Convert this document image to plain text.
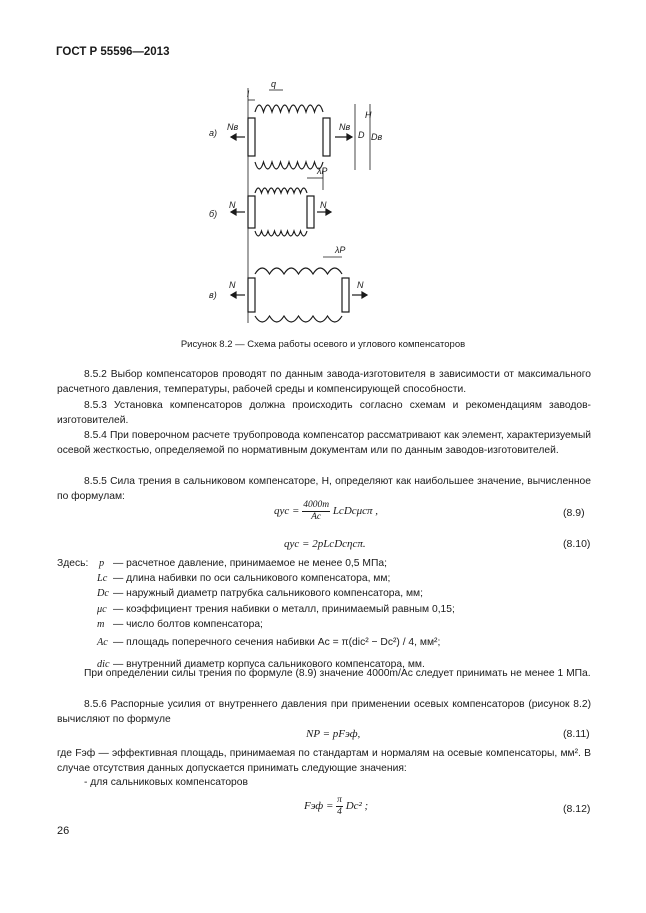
ГОСТ Р 55596—2013
а)
б)
в)
Nв	Nв
N	N
N	N
q
l
H
D Dв
λP
λP
Рисунок 8.2 — Схема работы осевого и углового компенсаторов
8.5.2 Выбор компенсаторов проводят по данным завода-изготовителя в зависимости от максимального расчетного давления, температуры, рабочей среды и компенсирующей способности.
8.5.3 Установка компенсаторов должна происходить согласно схемам и рекомендациям заводов-изготовителей.
8.5.4 При поверочном расчете трубопровода компенсатор рассматривают как элемент, характеризуемый осевой жесткостью, определяемой по нормативным документам или по данным заводов-изготовителей.
8.5.5 Сила трения в сальниковом компенсаторе, Н, определяют как наибольшее значение, вычисленное по формулам:
qус = $\frac{4000m}{Ac}$ LcDcμcπ ,	(8.9)
qус = 2pLcDcηcπ.	(8.10)
Здесь: p — расчетное давление, принимаемое не менее 0,5 МПа;
Lc — длина набивки по оси сальникового компенсатора, мм;
Dc — наружный диаметр патрубка сальникового компенсатора, мм;
μc — коэффициент трения набивки о металл, принимаемый равным 0,15;
m — число болтов компенсатора;
Ac — площадь поперечного сечения набивки Ac = π(dic² − Dc²) / 4, мм²;
dic — внутренний диаметр корпуса сальникового компенсатора, мм.
При определении силы трения по формуле (8.9) значение 4000m/Ac следует принимать не менее 1 МПа.
8.5.6 Распорные усилия от внутреннего давления при применении осевых компенсаторов (рисунок 8.2) вычисляют по формуле
NP = pFэф,	(8.11)
где Fэф — эффективная площадь, принимаемая по стандартам и нормалям на осевые компенсаторы, мм². В случае отсутствия данных допускается принимать следующие значения:
- для сальниковых компенсаторов
Fэф = $\frac{\pi}{4} Dc^2$ ;	(8.12)
26
